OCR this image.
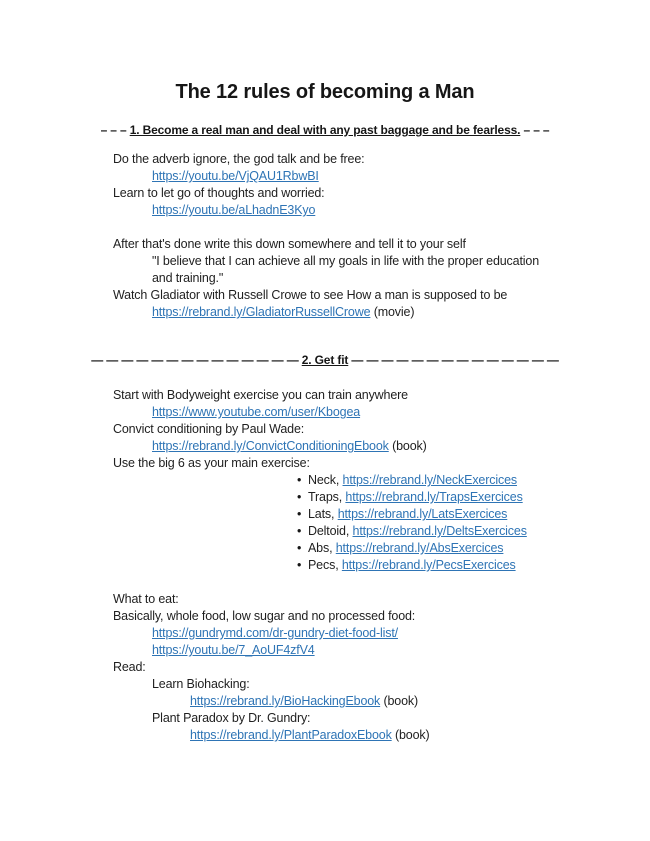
The 12 rules of becoming a Man
– – – 1. Become a real man and deal with any past baggage and be fearless. – – –
Do the adverb ignore, the god talk and be free:
https://youtu.be/VjQAU1RbwBI
Learn to let go of thoughts and worried:
https://youtu.be/aLhadnE3Kyo
After that's done write this down somewhere and tell it to your self
"I believe that I can achieve all my goals in life with the proper education
and training."
Watch Gladiator with Russell Crowe to see How a man is supposed to be
https://rebrand.ly/GladiatorRussellCrowe (movie)
— — — — — — — — — — — — — — 2. Get fit — — — — — — — — — — — — — —
Start with Bodyweight exercise you can train anywhere
https://www.youtube.com/user/Kbogea
Convict conditioning by Paul Wade:
https://rebrand.ly/ConvictConditioningEbook (book)
Use the big 6 as your main exercise:
• Neck, https://rebrand.ly/NeckExercices
• Traps, https://rebrand.ly/TrapsExercices
• Lats, https://rebrand.ly/LatsExercices
• Deltoid, https://rebrand.ly/DeltsExercices
• Abs, https://rebrand.ly/AbsExercices
• Pecs, https://rebrand.ly/PecsExercices
What to eat:
Basically, whole food, low sugar and no processed food:
https://gundrymd.com/dr-gundry-diet-food-list/
https://youtu.be/7_AoUF4zfV4
Read:
Learn Biohacking:
https://rebrand.ly/BioHackingEbook (book)
Plant Paradox by Dr. Gundry:
https://rebrand.ly/PlantParadoxEbook (book)
